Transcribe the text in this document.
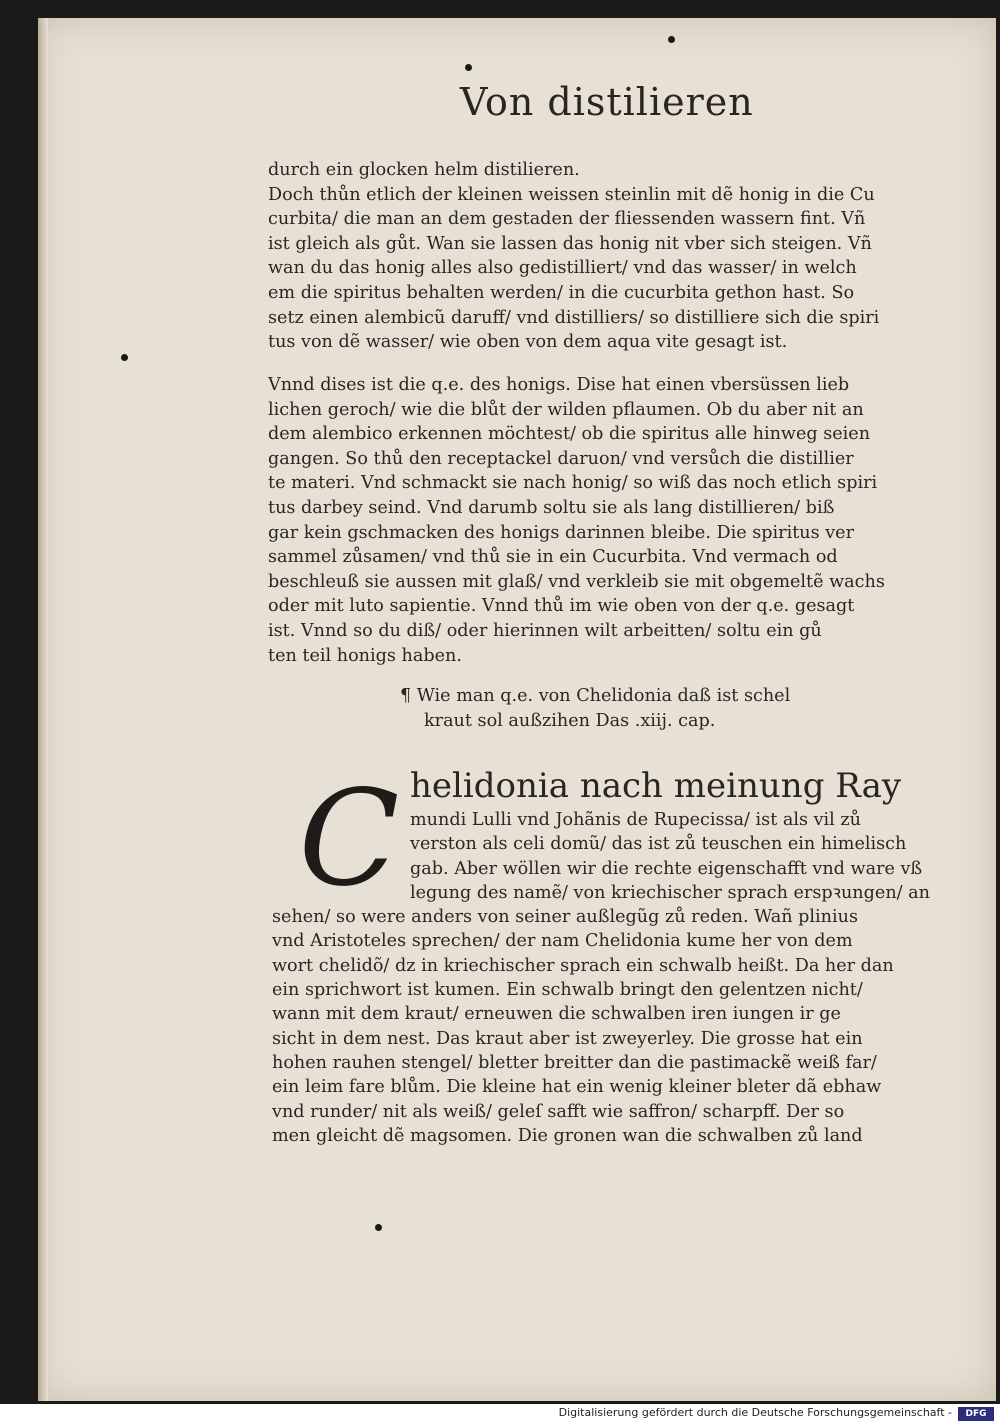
Von distilieren
durch ein glocken helm distilieren.
Doch thůn etlich der kleinen weissen steinlin mit dẽ honig in die Cu
curbita/ die man an dem gestaden der fliessenden wassern fint. Vñ
ist gleich als gůt. Wan sie lassen das honig nit vber sich steigen. Vñ
wan du das honig alles also gedistilliert/ vnd das wasser/ in welch
em die spiritus behalten werden/ in die cucurbita gethon hast. So
setz einen alembicũ daruff/ vnd distilliers/ so distilliere sich die spiri
tus von dẽ wasser/ wie oben von dem aqua vite gesagt ist.
Vnnd dises ist die q.e. des honigs. Dise hat einen vbersüssen lieb
lichen geroch/ wie die blůt der wilden pflaumen. Ob du aber nit an
dem alembico erkennen möchtest/ ob die spiritus alle hinweg seien
gangen. So thů den receptackel daruon/ vnd versůch die distillier
te materi. Vnd schmackt sie nach honig/ so wiß das noch etlich spiri
tus darbey seind. Vnd darumb soltu sie als lang distillieren/ biß
gar kein gschmacken des honigs darinnen bleibe. Die spiritus ver
sammel zůsamen/ vnd thů sie in ein Cucurbita. Vnd vermach od
beschleuß sie aussen mit glaß/ vnd verkleib sie mit obgemeltẽ wachs
oder mit luto sapientie. Vnnd thů im wie oben von der q.e. gesagt
ist. Vnnd so du diß/ oder hierinnen wilt arbeitten/ soltu ein gů
ten teil honigs haben.
¶ Wie man q.e. von Chelidonia daß ist schel
kraut sol außzihen Das .xiij. cap.
C helidonia nach meinung Ray
mundi Lulli vnd Johãnis de Rupecissa/ ist als vil zů
verston als celi domũ/ das ist zů teuschen ein himelisch
gab. Aber wöllen wir die rechte eigenschafft vnd ware vß
legung des namẽ/ von kriechischer sprach erspꝛungen/ an
sehen/ so were anders von seiner außlegũg zů reden. Wañ plinius
vnd Aristoteles sprechen/ der nam Chelidonia kume her von dem
wort chelidõ/ dz in kriechischer sprach ein schwalb heißt. Da her dan
ein sprichwort ist kumen. Ein schwalb bringt den gelentzen nicht/
wann mit dem kraut/ erneuwen die schwalben iren iungen ir ge
sicht in dem nest. Das kraut aber ist zweyerley. Die grosse hat ein
hohen rauhen stengel/ bletter breitter dan die pastimackẽ weiß far/
ein leim fare blům. Die kleine hat ein wenig kleiner bleter dã ebhaw
vnd runder/ nit als weiß/ geleſ safft wie saffron/ scharpff. Der so
men gleicht dẽ magsomen. Die gronen wan die schwalben zů land
Digitalisierung gefördert durch die Deutsche Forschungsgemeinschaft -	DFG
